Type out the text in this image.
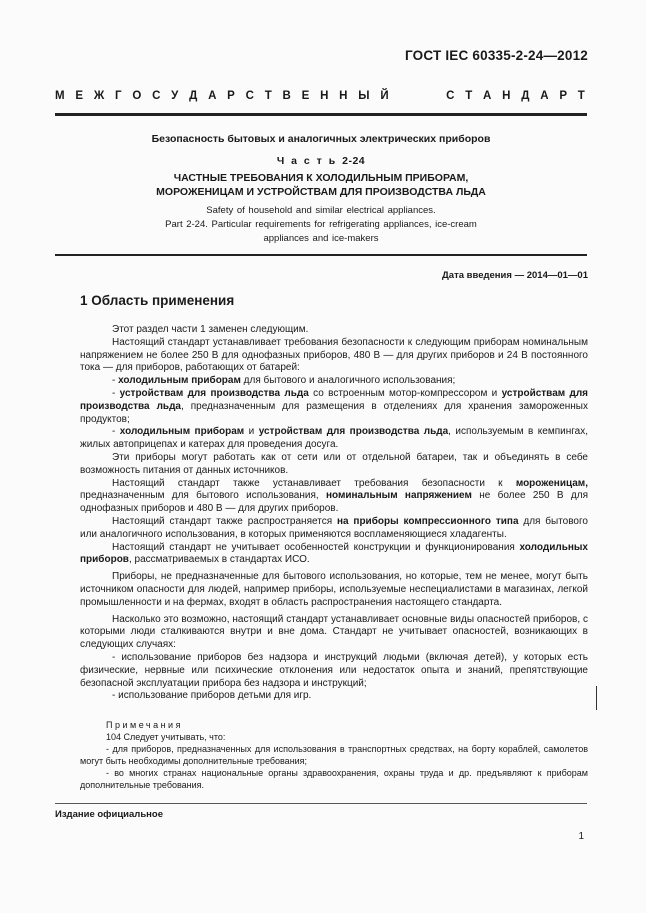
ГОСТ IEC 60335-2-24—2012
М Е Ж Г О С У Д А Р С Т В Е Н Н Ы Й	С Т А Н Д А Р Т
Безопасность бытовых и аналогичных электрических приборов
Ч а с т ь 2-24
ЧАСТНЫЕ ТРЕБОВАНИЯ К ХОЛОДИЛЬНЫМ ПРИБОРАМ,
МОРОЖЕНИЦАМ И УСТРОЙСТВАМ ДЛЯ ПРОИЗВОДСТВА ЛЬДА
Safety of household and similar electrical appliances.
Part 2-24. Particular requirements for refrigerating appliances, ice-cream
appliances and ice-makers
Дата введения — 2014—01—01
1 Область применения
Этот раздел части 1 заменен следующим.
Настоящий стандарт устанавливает требования безопасности к следующим приборам номинальным напряжением не более 250 В для однофазных приборов, 480 В — для других приборов и 24 В постоянного тока — для приборов, работающих от батарей:
- холодильным приборам для бытового и аналогичного использования;
- устройствам для производства льда со встроенным мотор-компрессором и устройствам для производства льда, предназначенным для размещения в отделениях для хранения замороженных продуктов;
- холодильным приборам и устройствам для производства льда, используемым в кемпингах, жилых автоприцепах и катерах для проведения досуга.
Эти приборы могут работать как от сети или от отдельной батареи, так и объединять в себе возможность питания от данных источников.
Настоящий стандарт также устанавливает требования безопасности к мороженицам, предназначенным для бытового использования, номинальным напряжением не более 250 В для однофазных приборов и 480 В — для других приборов.
Настоящий стандарт также распространяется на приборы компрессионного типа для бытового или аналогичного использования, в которых применяются воспламеняющиеся хладагенты.
Настоящий стандарт не учитывает особенностей конструкции и функционирования холодильных приборов, рассматриваемых в стандартах ИСО.
Приборы, не предназначенные для бытового использования, но которые, тем не менее, могут быть источником опасности для людей, например приборы, используемые неспециалистами в магазинах, легкой промышленности и на фермах, входят в область распространения настоящего стандарта.
Насколько это возможно, настоящий стандарт устанавливает основные виды опасностей приборов, с которыми люди сталкиваются внутри и вне дома. Стандарт не учитывает опасностей, возникающих в следующих случаях:
- использование приборов без надзора и инструкций людьми (включая детей), у которых есть физические, нервные или психические отклонения или недостаток опыта и знаний, препятствующие безопасной эксплуатации прибора без надзора и инструкций;
- использование приборов детьми для игр.
Примечания
104 Следует учитывать, что:
- для приборов, предназначенных для использования в транспортных средствах, на борту кораблей, самолетов могут быть необходимы дополнительные требования;
- во многих странах национальные органы здравоохранения, охраны труда и др. предъявляют к приборам дополнительные требования.
Издание официальное
1
